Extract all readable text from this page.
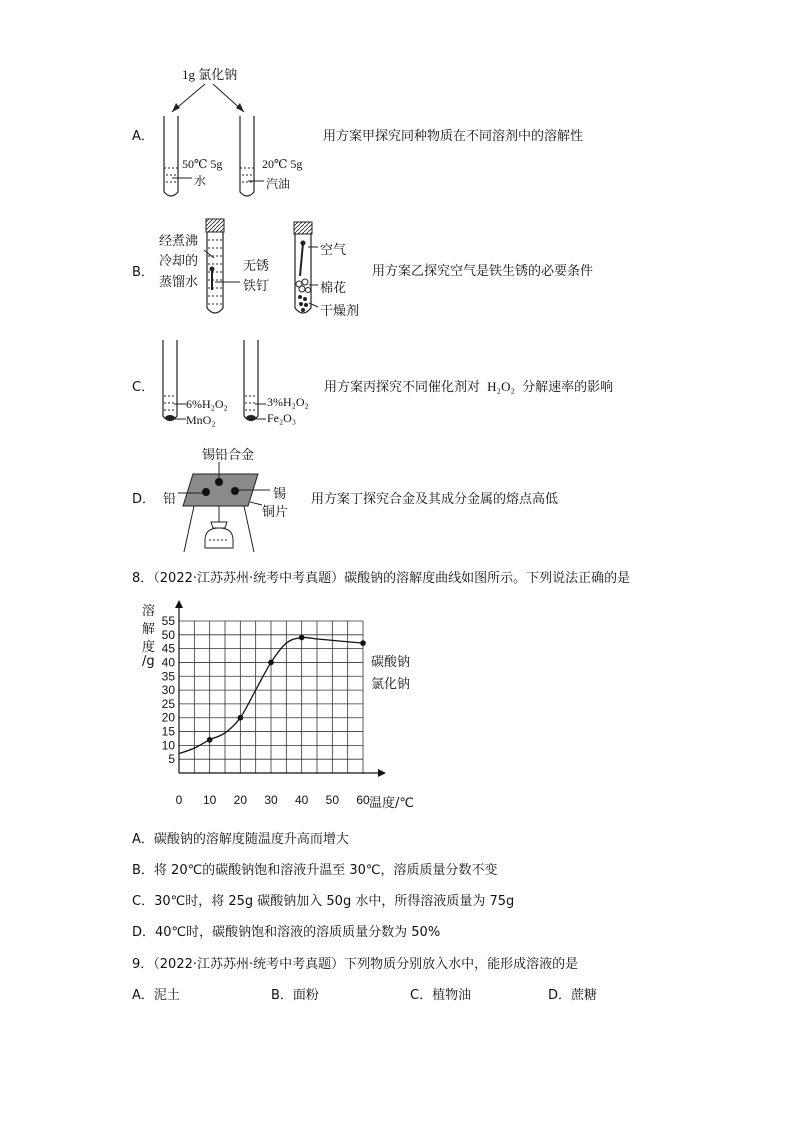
1g 氯化钠
A．
50℃ 5g
水
20℃ 5g
汽油
用方案甲探究同种物质在不同溶剂中的溶解性
B．
经煮沸
冷却的
蒸馏水
无锈
铁钉
空气
棉花
干燥剂
用方案乙探究空气是铁生锈的必要条件
C．
6%H₂O₂
MnO₂
3%H₂O₂
Fe₂O₃
用方案丙探究不同催化剂对 H₂O₂ 分解速率的影响
锡铅合金
D． 铅	锡
铜片
用方案丁探究合金及其成分金属的熔点高低
8．（2022·江苏苏州·统考中考真题）碳酸钠的溶解度曲线如图所示。下列说法正确的是
溶
解
度
/g
0 10 20 30 40 50 60
5
10
15
20
25
30
35
40
45
50
55
温度/℃
碳酸钠
氯化钠
A．碳酸钠的溶解度随温度升高而增大
B．将 20℃的碳酸钠饱和溶液升温至 30℃，溶质质量分数不变
C．30℃时，将 25g 碳酸钠加入 50g 水中，所得溶液质量为 75g
D．40℃时，碳酸钠饱和溶液的溶质质量分数为 50%
9．（2022·江苏苏州·统考中考真题）下列物质分别放入水中，能形成溶液的是
A．泥土	B．面粉	C．植物油	D．蔗糖
